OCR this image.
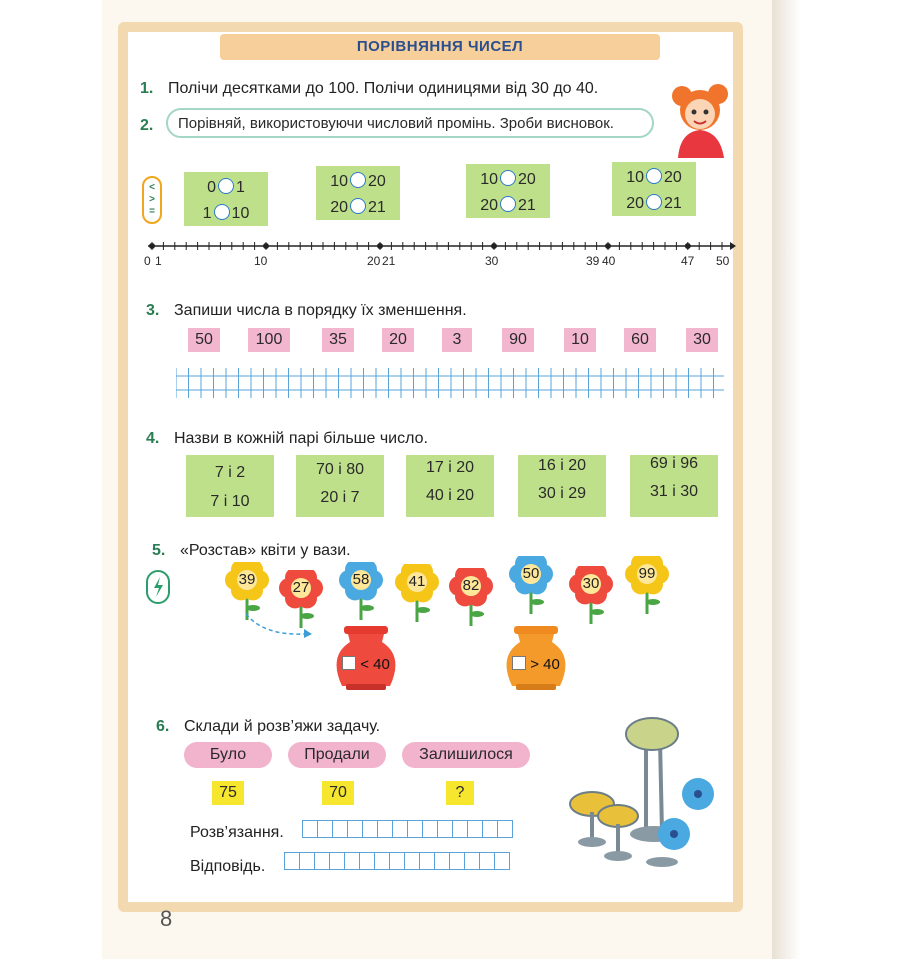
ПОРІВНЯННЯ ЧИСЕЛ
1. Полічи десятками до 100. Полічи одиницями від 30 до 40.
2. Порівняй, використовуючи числовий промінь. Зроби висновок.
<
>
=
0 1
1 10
10 20
20 21
10 20
20 21
10 20
20 21
0 1	10	20 21	30	39 40	47 50
3. Запиши числа в порядку їх зменшення.
50	100	35	20	3	90	10	60	30
4. Назви в кожній парі більше число.
7 і 2
7 і 10
70 і 80
20 і 7
17 і 20
40 і 20
16 і 20
30 і 29
69 і 96
31 і 30
5. «Розстав» квіти у вази.
39	27	58	41	82
50
30
99
< 40	> 40
6. Склади й розв’яжи задачу.
Було	Продали	Залишилося
75	70	?
Розв’язання.
Відповідь.
8
